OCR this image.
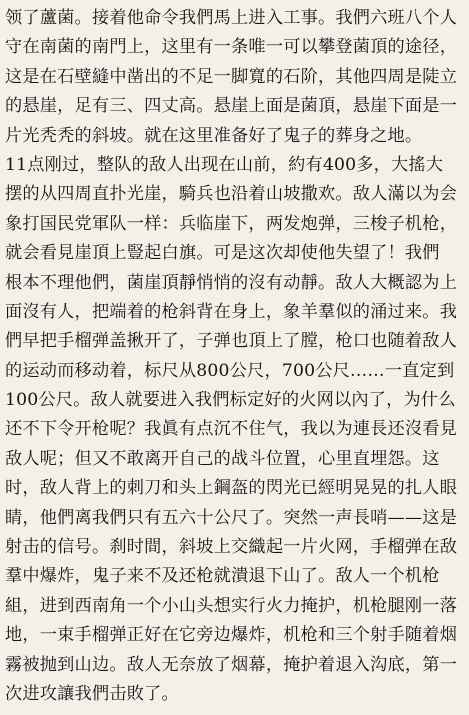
领了蘆菌。接着他命令我們馬上进入工事。我們六班八个人
守在南菌的南門上，这里有一条唯一可以攀登菌頂的途径，
这是在石壁縫中凿出的不足一脚寬的石阶，其他四周是陡立
的悬崖，足有三、四丈高。悬崖上面是菌頂，悬崖下面是一
片光秃秃的斜坡。就在这里准备好了鬼子的葬身之地。
11点刚过，整队的敌人出现在山前，約有400多，大搖大
摆的从四周直扑光崖，騎兵也沿着山坡撒欢。敌人滿以为会
象打国民党軍队一样：兵临崖下，两发炮弹，三梭子机枪，
就会看見崖頂上豎起白旗。可是这次却使他失望了！我們
根本不理他們，菌崖頂靜悄悄的沒有动靜。敌人大概認为上
面沒有人，把端着的枪斜背在身上，象羊羣似的涌过来。我
們早把手榴弹盖揪开了，子弹也頂上了膛，枪口也随着敌人
的运动而移动着，标尺从800公尺，700公尺……一直定到
100公尺。敌人就要进入我們标定好的火网以內了，为什么
还不下令开枪呢？我眞有点沉不住气，我以为連長还沒看見
敌人呢；但又不敢离开自己的战斗位置，心里直埋怨。这
时，敌人背上的刺刀和头上鋼盔的閃光已經明晃晃的扎人眼
睛，他們离我們只有五六十公尺了。突然一声長哨——这是
射击的信号。刹时間，斜坡上交織起一片火网，手榴弹在敌
羣中爆炸，鬼子来不及还枪就潰退下山了。敌人一个机枪
組，进到西南角一个小山头想实行火力掩护，机枪腿刚一落
地，一束手榴弹正好在它旁边爆炸，机枪和三个射手随着烟
霧被抛到山边。敌人无奈放了烟幕，掩护着退入沟底，第一
次进攻讓我們击敗了。
